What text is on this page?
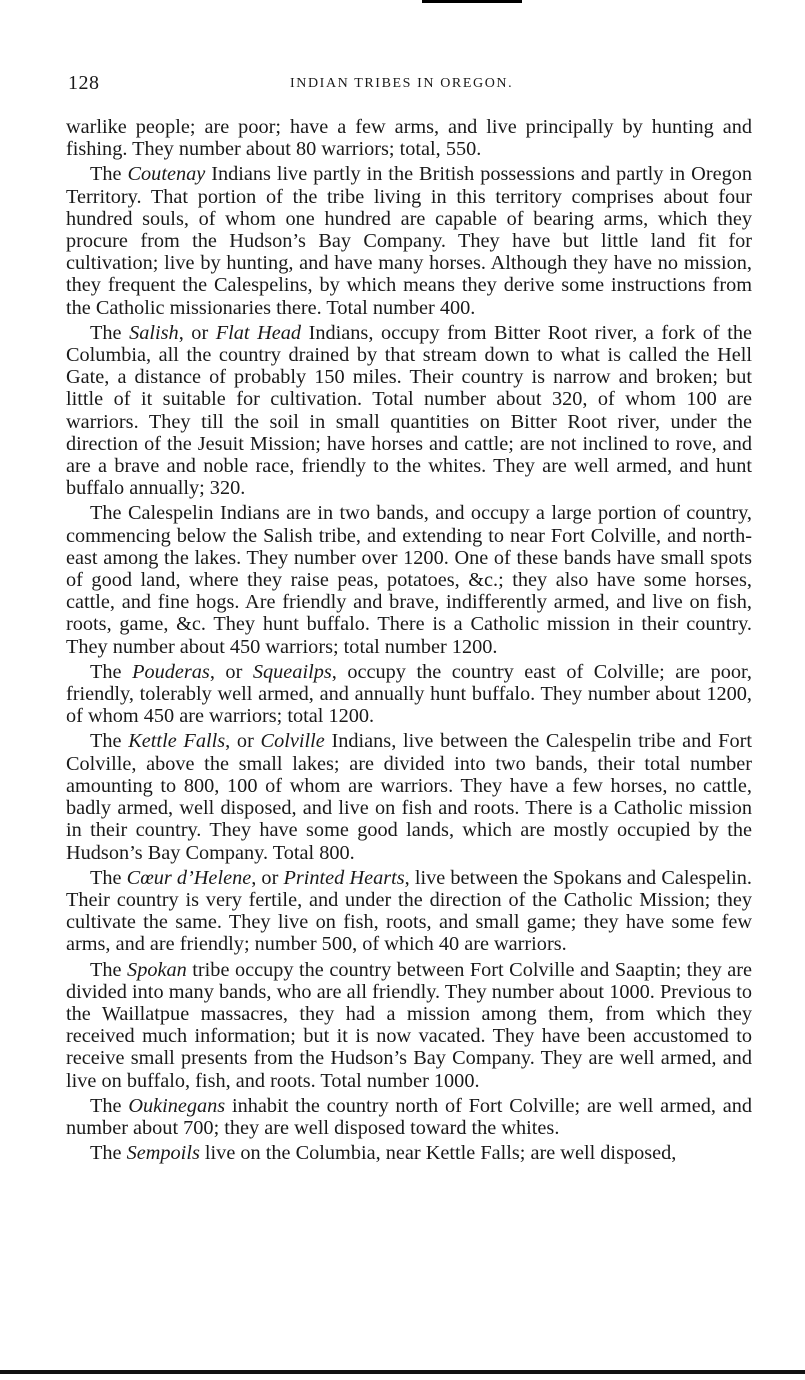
128	INDIAN TRIBES IN OREGON.

warlike people; are poor; have a few arms, and live principally by hunting and fishing. They number about 80 warriors; total, 550.

The Coutenay Indians live partly in the British possessions and partly in Oregon Territory. That portion of the tribe living in this territory comprises about four hundred souls, of whom one hundred are capable of bearing arms, which they procure from the Hudson’s Bay Company. They have but little land fit for cultivation; live by hunting, and have many horses. Although they have no mission, they frequent the Calespelins, by which means they derive some instructions from the Catholic missionaries there. Total number 400.

The Salish, or Flat Head Indians, occupy from Bitter Root river, a fork of the Columbia, all the country drained by that stream down to what is called the Hell Gate, a distance of probably 150 miles. Their country is narrow and broken; but little of it suitable for cultivation. Total number about 320, of whom 100 are warriors. They till the soil in small quantities on Bitter Root river, under the direction of the Jesuit Mission; have horses and cattle; are not inclined to rove, and are a brave and noble race, friendly to the whites. They are well armed, and hunt buffalo annually; 320.

The Calespelin Indians are in two bands, and occupy a large portion of country, commencing below the Salish tribe, and extending to near Fort Colville, and north-east among the lakes. They number over 1200. One of these bands have small spots of good land, where they raise peas, potatoes, &c.; they also have some horses, cattle, and fine hogs. Are friendly and brave, indifferently armed, and live on fish, roots, game, &c. They hunt buffalo. There is a Catholic mission in their country. They number about 450 warriors; total number 1200.

The Pouderas, or Squeailps, occupy the country east of Colville; are poor, friendly, tolerably well armed, and annually hunt buffalo. They number about 1200, of whom 450 are warriors; total 1200.

The Kettle Falls, or Colville Indians, live between the Calespelin tribe and Fort Colville, above the small lakes; are divided into two bands, their total number amounting to 800, 100 of whom are warriors. They have a few horses, no cattle, badly armed, well disposed, and live on fish and roots. There is a Catholic mission in their country. They have some good lands, which are mostly occupied by the Hudson’s Bay Company. Total 800.

The Cœur d’Helene, or Printed Hearts, live between the Spokans and Calespelin. Their country is very fertile, and under the direction of the Catholic Mission; they cultivate the same. They live on fish, roots, and small game; they have some few arms, and are friendly; number 500, of which 40 are warriors.

The Spokan tribe occupy the country between Fort Colville and Saaptin; they are divided into many bands, who are all friendly. They number about 1000. Previous to the Waillatpue massacres, they had a mission among them, from which they received much information; but it is now vacated. They have been accustomed to receive small presents from the Hudson’s Bay Company. They are well armed, and live on buffalo, fish, and roots. Total number 1000.

The Oukinegans inhabit the country north of Fort Colville; are well armed, and number about 700; they are well disposed toward the whites.

The Sempoils live on the Columbia, near Kettle Falls; are well disposed,
